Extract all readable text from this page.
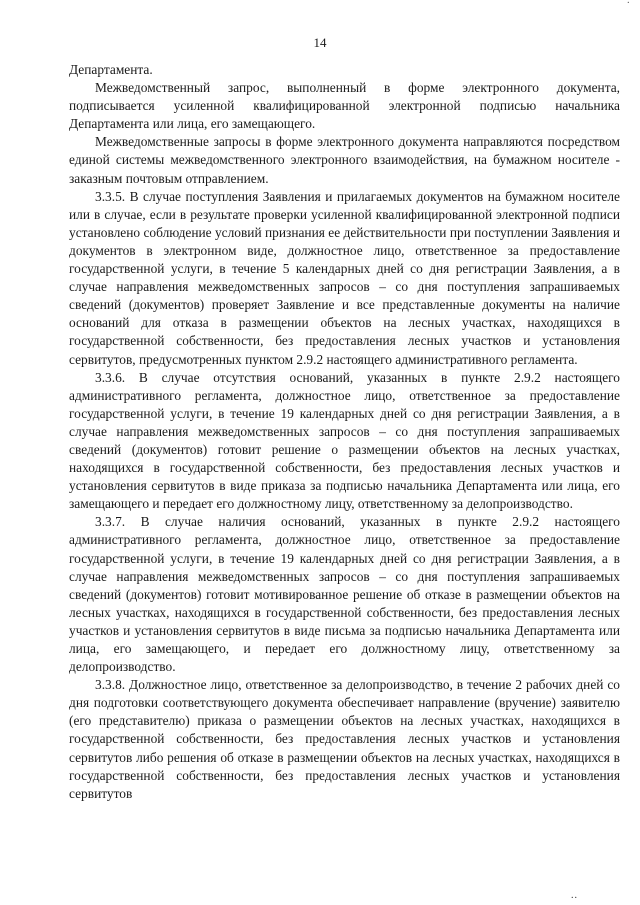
·
14

Департамента.

Межведомственный запрос, выполненный в форме электронного документа, подписывается усиленной квалифицированной электронной подписью начальника Департамента или лица, его замещающего.

Межведомственные запросы в форме электронного документа направляются посредством единой системы межведомственного электронного взаимодействия, на бумажном носителе - заказным почтовым отправлением.

3.3.5. В случае поступления Заявления и прилагаемых документов на бумажном носителе или в случае, если в результате проверки усиленной квалифицированной электронной подписи установлено соблюдение условий признания ее действительности при поступлении Заявления и документов в электронном виде, должностное лицо, ответственное за предоставление государственной услуги, в течение 5 календарных дней со дня регистрации Заявления, а в случае направления межведомственных запросов – со дня поступления запрашиваемых сведений (документов) проверяет Заявление и все представленные документы на наличие оснований для отказа в размещении объектов на лесных участках, находящихся в государственной собственности, без предоставления лесных участков и установления сервитутов, предусмотренных пунктом 2.9.2 настоящего административного регламента.

3.3.6. В случае отсутствия оснований, указанных в пункте 2.9.2 настоящего административного регламента, должностное лицо, ответственное за предоставление государственной услуги, в течение 19 календарных дней со дня регистрации Заявления, а в случае направления межведомственных запросов – со дня поступления запрашиваемых сведений (документов) готовит решение о размещении объектов на лесных участках, находящихся в государственной собственности, без предоставления лесных участков и установления сервитутов в виде приказа за подписью начальника Департамента или лица, его замещающего и передает его должностному лицу, ответственному за делопроизводство.

3.3.7. В случае наличия оснований, указанных в пункте 2.9.2 настоящего административного регламента, должностное лицо, ответственное за предоставление государственной услуги, в течение 19 календарных дней со дня регистрации Заявления, а в случае направления межведомственных запросов – со дня поступления запрашиваемых сведений (документов) готовит мотивированное решение об отказе в размещении объектов на лесных участках, находящихся в государственной собственности, без предоставления лесных участков и установления сервитутов в виде письма за подписью начальника Департамента или лица, его замещающего, и передает его должностному лицу, ответственному за делопроизводство.

3.3.8. Должностное лицо, ответственное за делопроизводство, в течение 2 рабочих дней со дня подготовки соответствующего документа обеспечивает направление (вручение) заявителю (его представителю) приказа о размещении объектов на лесных участках, находящихся в государственной собственности, без предоставления лесных участков и установления сервитутов либо решения об отказе в размещении объектов на лесных участках, находящихся в государственной собственности, без предоставления лесных участков и установления сервитутов

..
